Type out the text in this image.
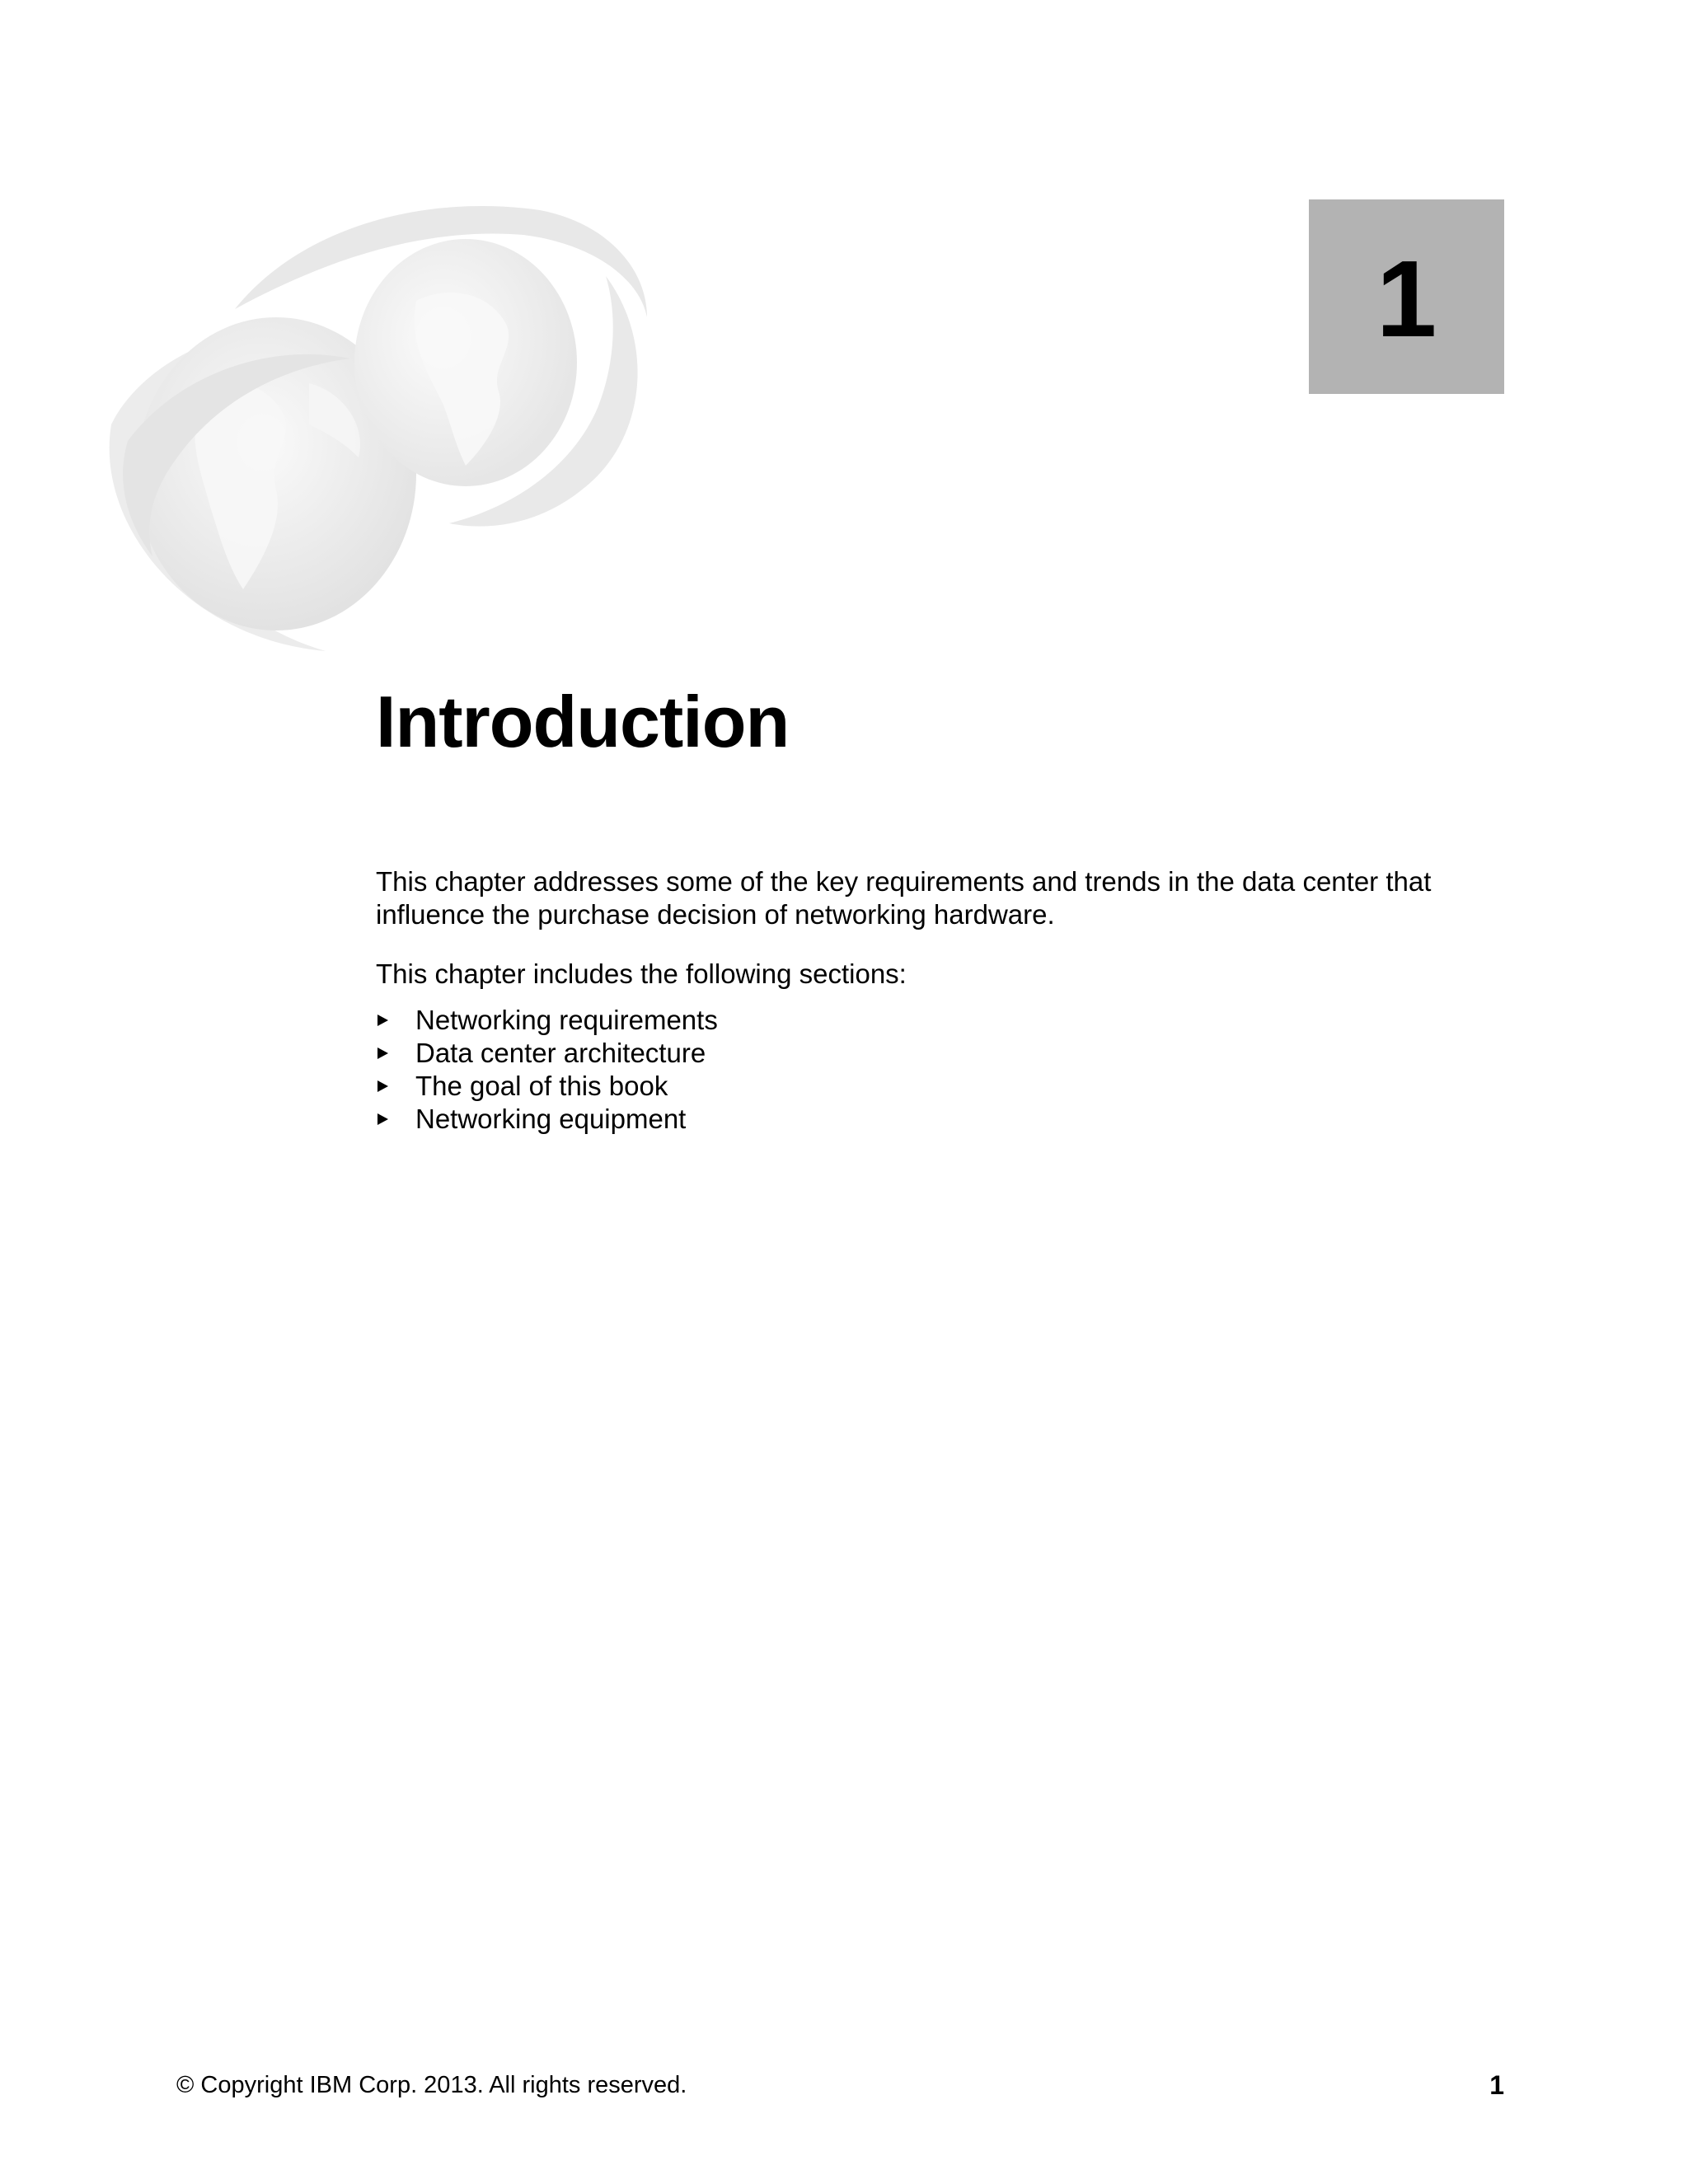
1
Introduction

This chapter addresses some of the key requirements and trends in the data center that influence the purchase decision of networking hardware.

This chapter includes the following sections:

Networking requirements
Data center architecture
The goal of this book
Networking equipment
© Copyright IBM Corp. 2013. All rights reserved.	1
